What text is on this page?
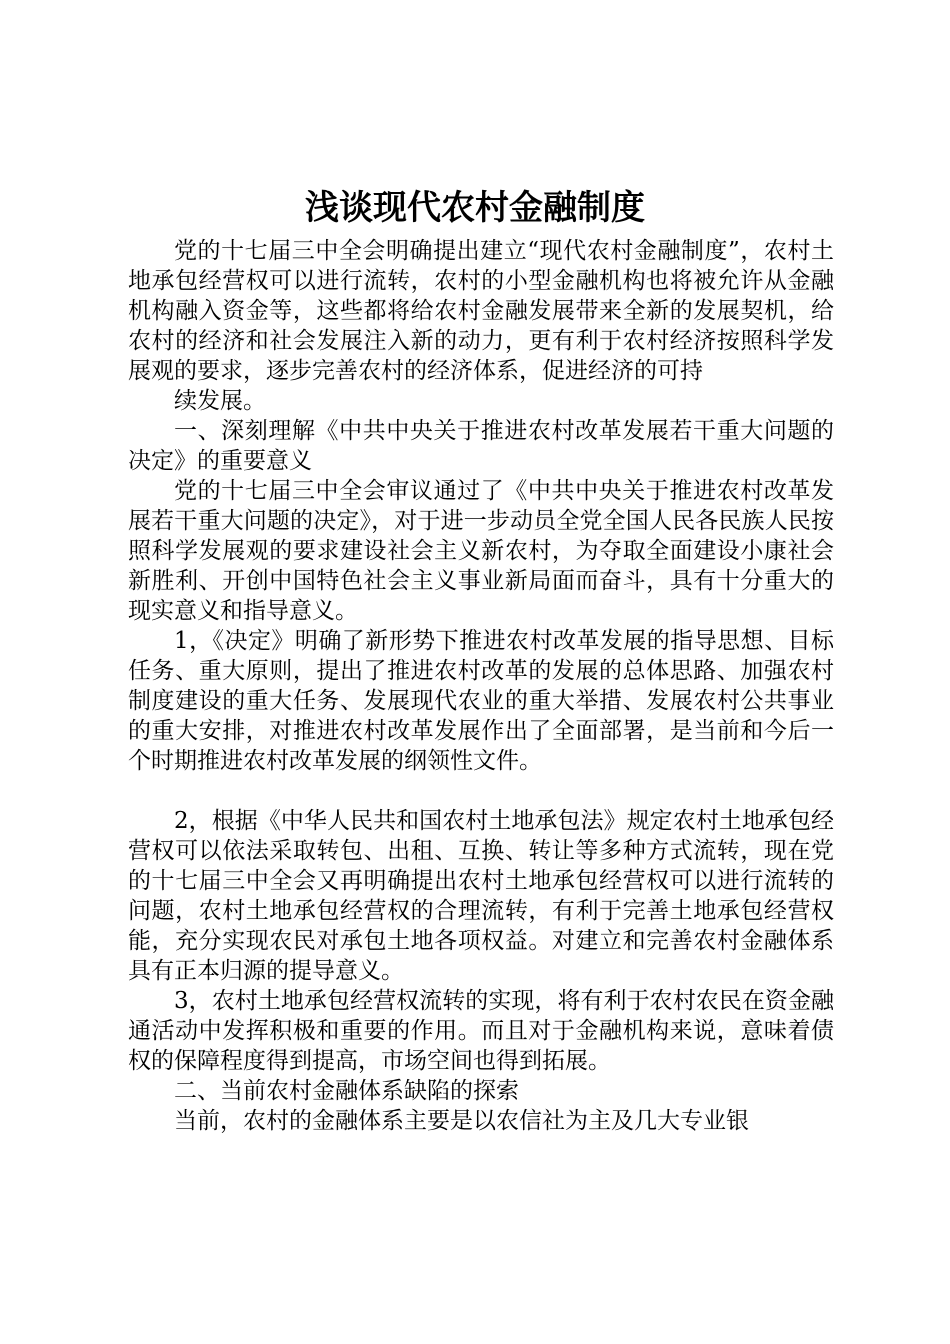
浅谈现代农村金融制度

党的十七届三中全会明确提出建立“现代农村金融制度”，农村土地承包经营权可以进行流转，农村的小型金融机构也将被允许从金融机构融入资金等，这些都将给农村金融发展带来全新的发展契机，给农村的经济和社会发展注入新的动力，更有利于农村经济按照科学发展观的要求，逐步完善农村的经济体系，促进经济的可持

续发展。

一、深刻理解《中共中央关于推进农村改革发展若干重大问题的决定》的重要意义

党的十七届三中全会审议通过了《中共中央关于推进农村改革发展若干重大问题的决定》，对于进一步动员全党全国人民各民族人民按照科学发展观的要求建设社会主义新农村，为夺取全面建设小康社会新胜利、开创中国特色社会主义事业新局面而奋斗，具有十分重大的现实意义和指导意义。

1，《决定》明确了新形势下推进农村改革发展的指导思想、目标任务、重大原则，提出了推进农村改革的发展的总体思路、加强农村制度建设的重大任务、发展现代农业的重大举措、发展农村公共事业的重大安排，对推进农村改革发展作出了全面部署，是当前和今后一个时期推进农村改革发展的纲领性文件。

2，根据《中华人民共和国农村土地承包法》规定农村土地承包经营权可以依法采取转包、出租、互换、转让等多种方式流转，现在党的十七届三中全会又再明确提出农村土地承包经营权可以进行流转的问题，农村土地承包经营权的合理流转，有利于完善土地承包经营权能，充分实现农民对承包土地各项权益。对建立和完善农村金融体系具有正本归源的提导意义。

3，农村土地承包经营权流转的实现，将有利于农村农民在资金融通活动中发挥积极和重要的作用。而且对于金融机构来说，意味着债权的保障程度得到提高，市场空间也得到拓展。

二、当前农村金融体系缺陷的探索

当前，农村的金融体系主要是以农信社为主及几大专业银
